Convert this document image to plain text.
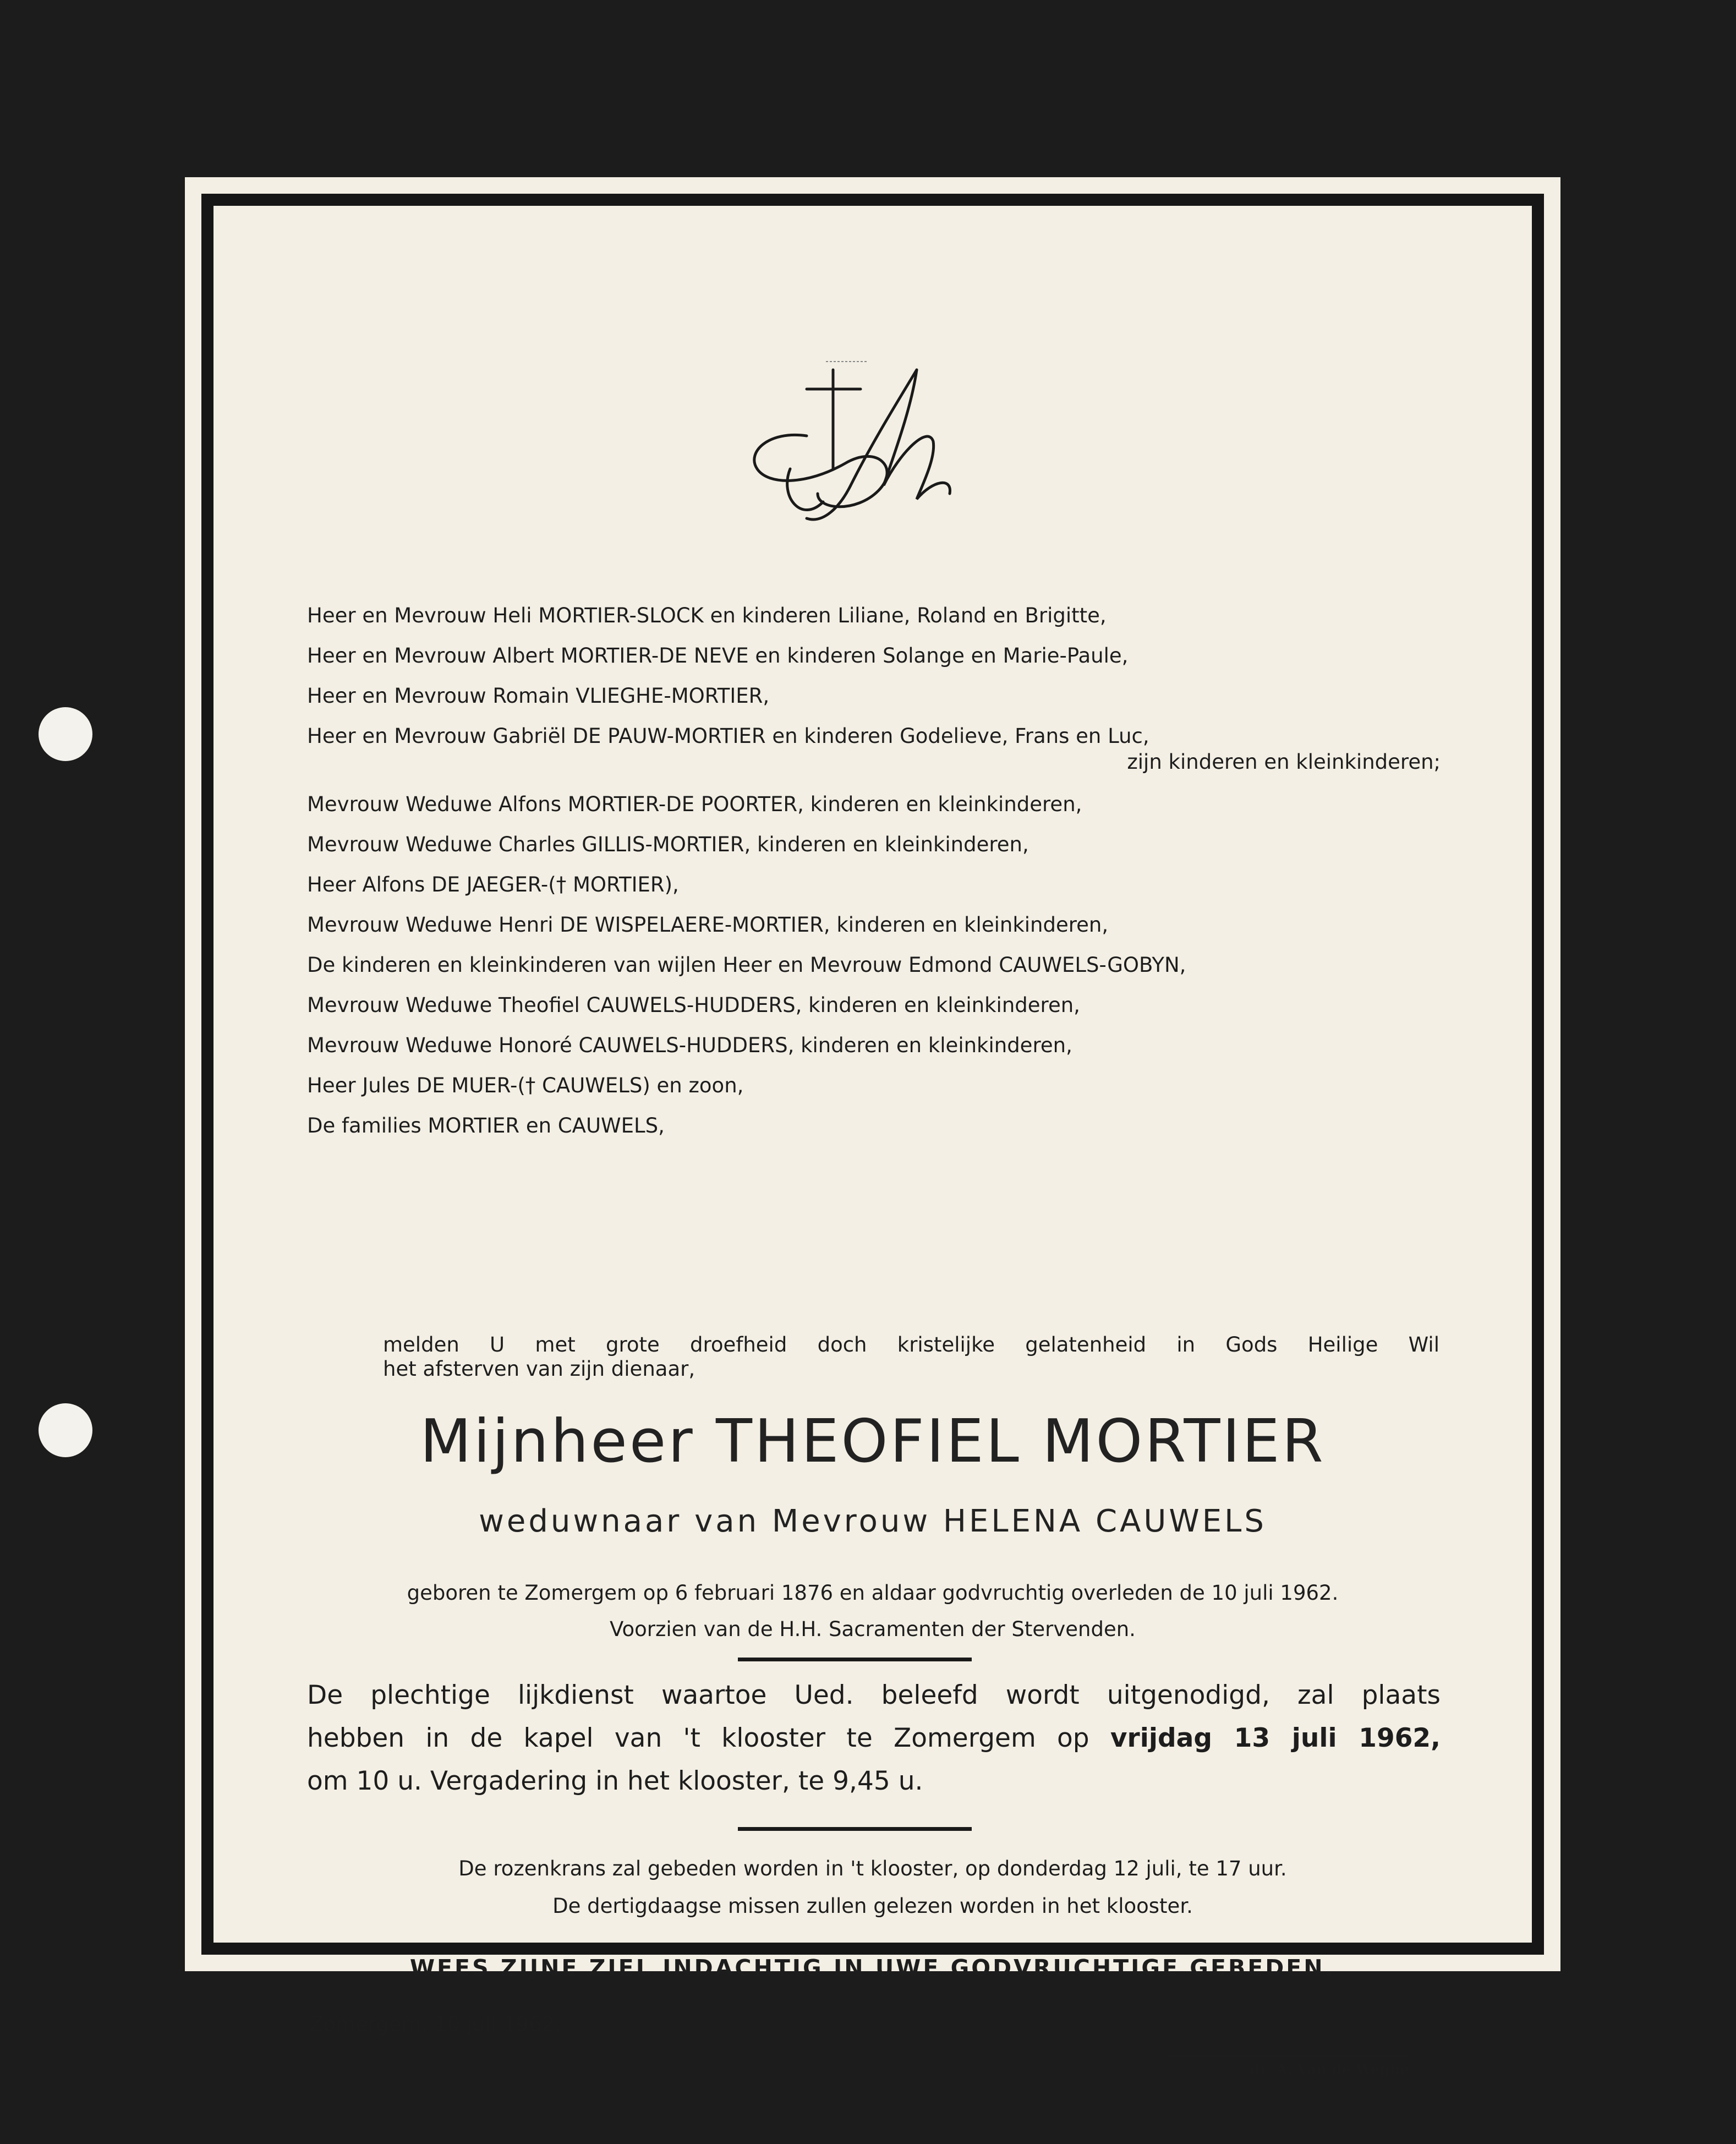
Heer en Mevrouw Heli MORTIER-SLOCK en kinderen Liliane, Roland en Brigitte,
Heer en Mevrouw Albert MORTIER-DE NEVE en kinderen Solange en Marie-Paule,
Heer en Mevrouw Romain VLIEGHE-MORTIER,
Heer en Mevrouw Gabriël DE PAUW-MORTIER en kinderen Godelieve, Frans en Luc,
zijn kinderen en kleinkinderen;
Mevrouw Weduwe Alfons MORTIER-DE POORTER, kinderen en kleinkinderen,
Mevrouw Weduwe Charles GILLIS-MORTIER, kinderen en kleinkinderen,
Heer Alfons DE JAEGER-(† MORTIER),
Mevrouw Weduwe Henri DE WISPELAERE-MORTIER, kinderen en kleinkinderen,
De kinderen en kleinkinderen van wijlen Heer en Mevrouw Edmond CAUWELS-GOBYN,
Mevrouw Weduwe Theofiel CAUWELS-HUDDERS, kinderen en kleinkinderen,
Mevrouw Weduwe Honoré CAUWELS-HUDDERS, kinderen en kleinkinderen,
Heer Jules DE MUER-(† CAUWELS) en zoon,
De families MORTIER en CAUWELS,
melden U met grote droefheid doch kristelijke gelatenheid in Gods Heilige Wil
het afsterven van zijn dienaar,
Mijnheer THEOFIEL MORTIER
weduwnaar van Mevrouw HELENA CAUWELS
geboren te Zomergem op 6 februari 1876 en aldaar godvruchtig overleden de 10 juli 1962.
Voorzien van de H.H. Sacramenten der Stervenden.
De plechtige lijkdienst waartoe Ued. beleefd wordt uitgenodigd, zal plaats
hebben in de kapel van 't klooster te Zomergem op vrijdag 13 juli 1962,
om 10 u. Vergadering in het klooster, te 9,45 u.
De rozenkrans zal gebeden worden in 't klooster, op donderdag 12 juli, te 17 uur.
De dertigdaagse missen zullen gelezen worden in het klooster.
WEES ZIJNE ZIEL INDACHTIG IN UWE GODVRUCHTIGE GEBEDEN.
Zomergem, 10 juli 1962.
dr. A. Van de Weghe
